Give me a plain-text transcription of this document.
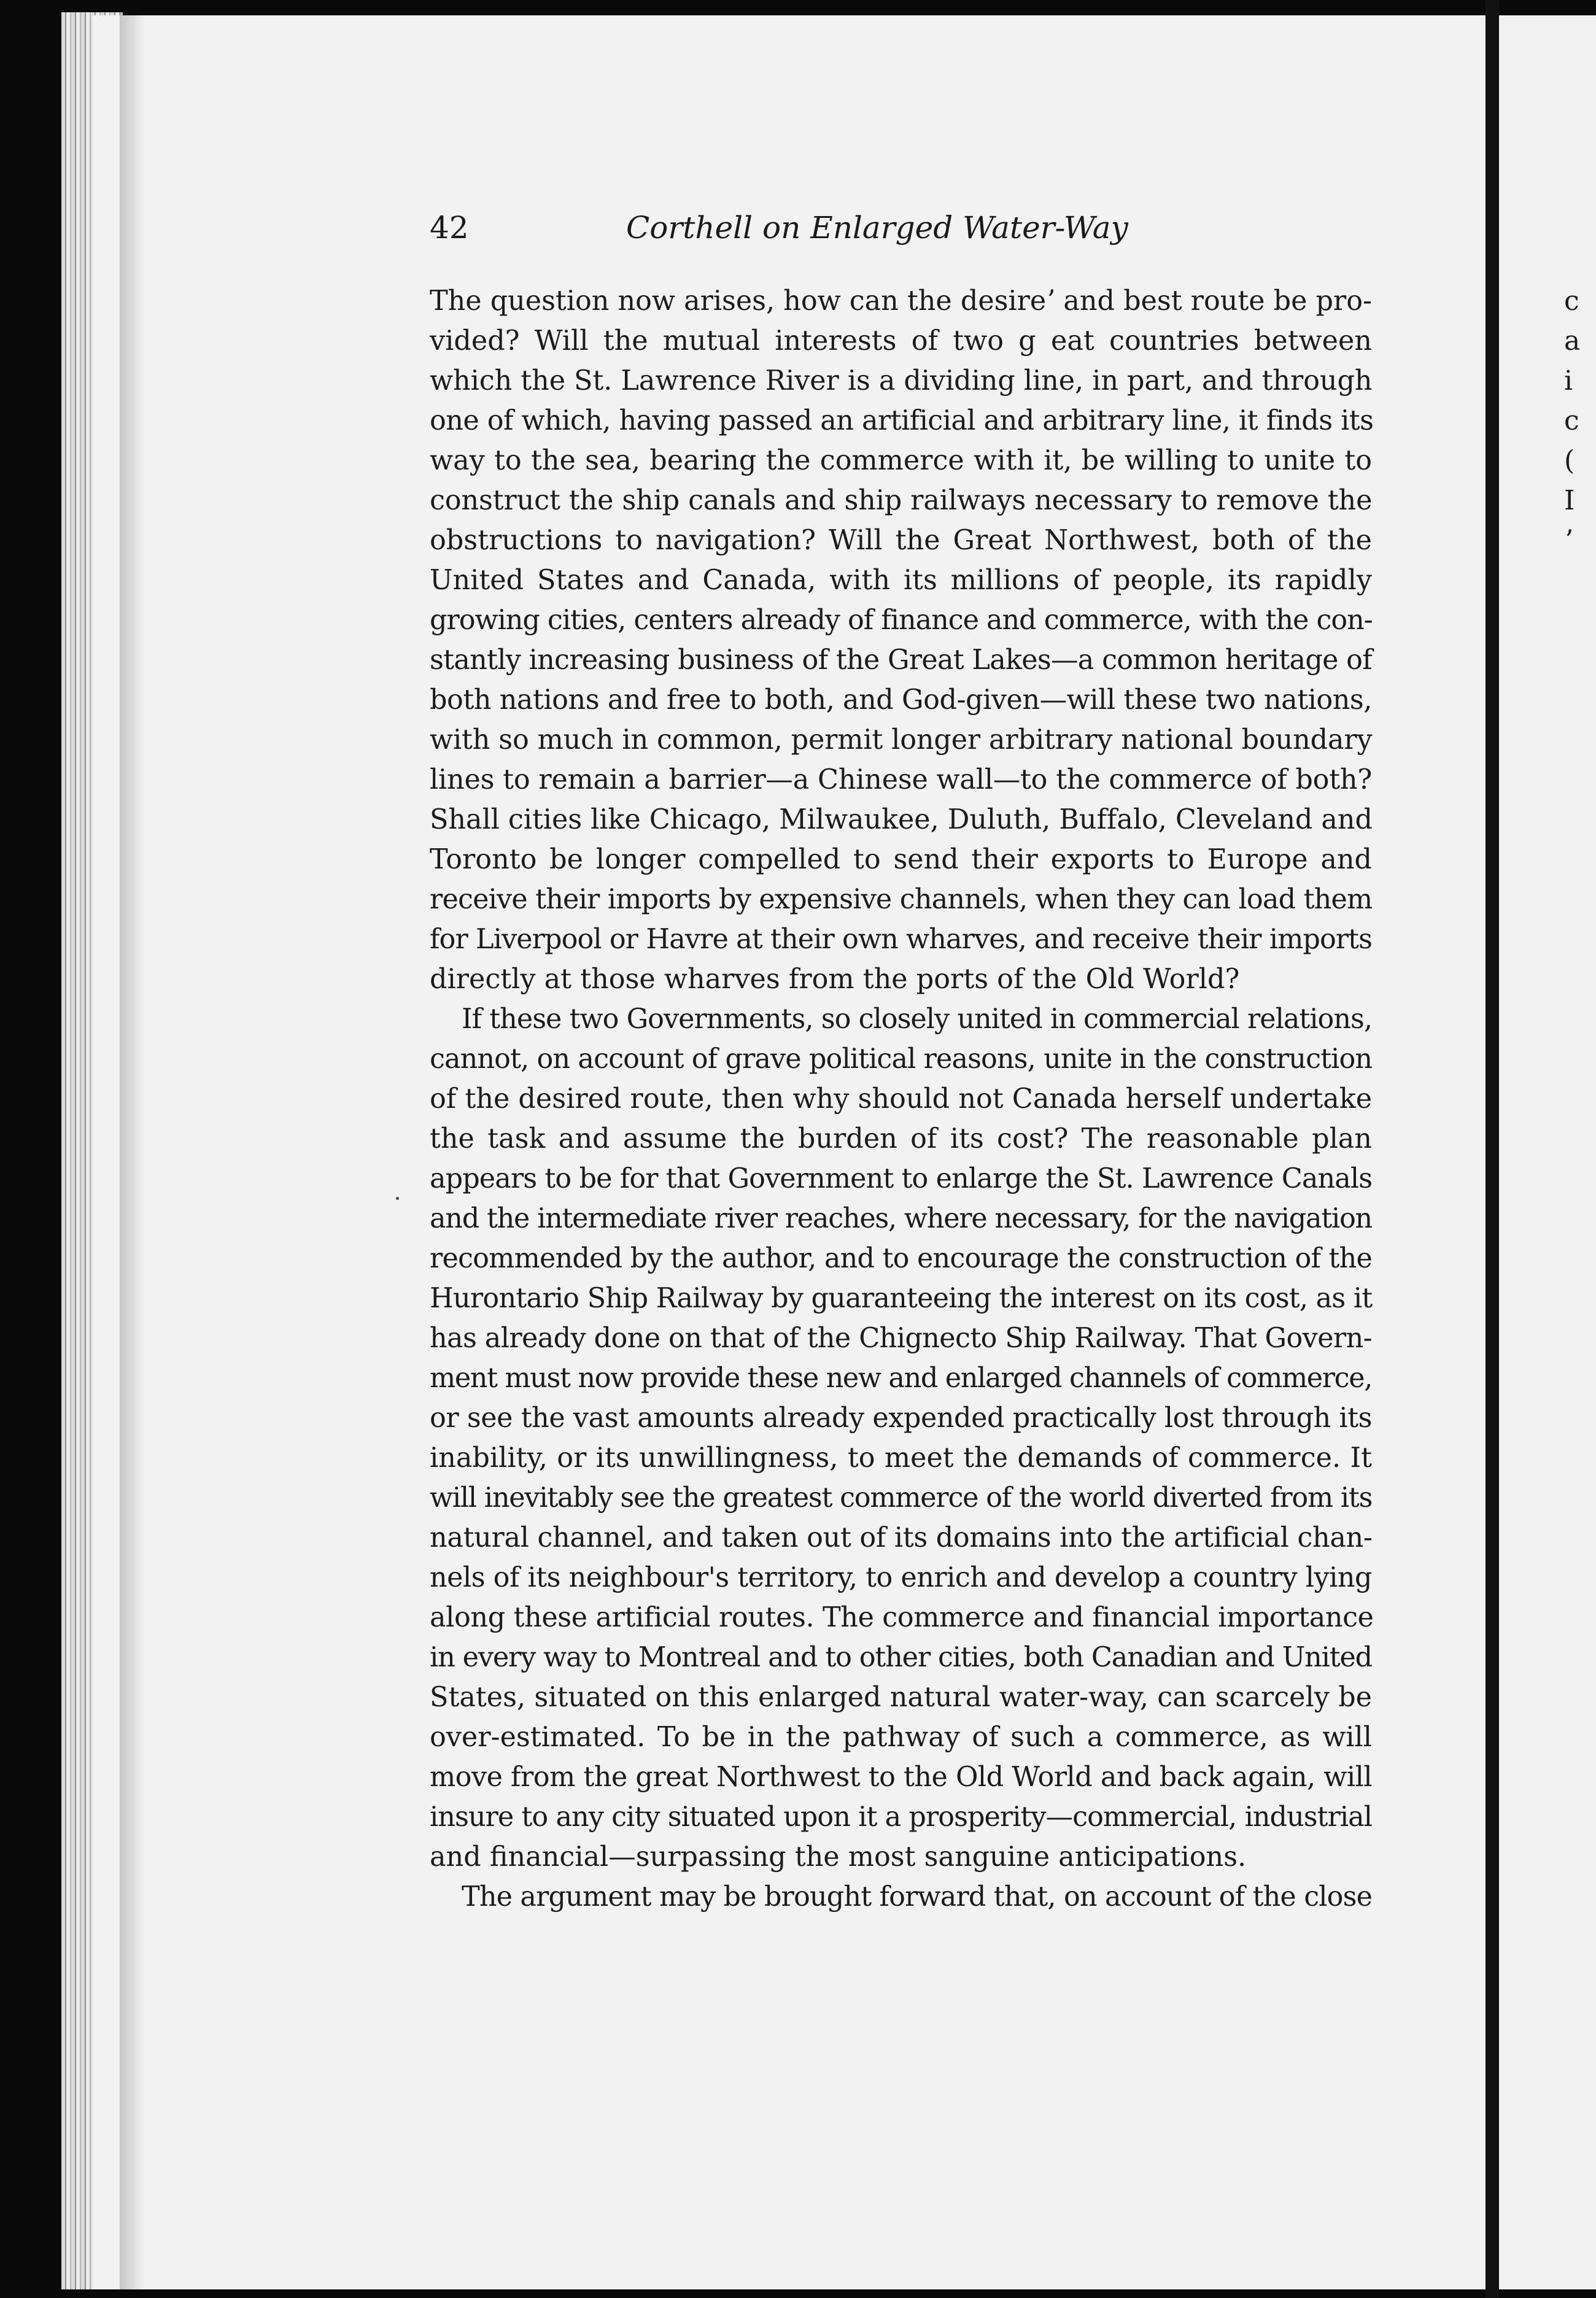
42	Corthell on Enlarged Water-Way
The question now arises, how can the desireʼ and best route be pro-
vided? Will the mutual interests of two g eat countries between
which the St. Lawrence River is a dividing line, in part, and through
one of which, having passed an artificial and arbitrary line, it finds its
way to the sea, bearing the commerce with it, be willing to unite to
construct the ship canals and ship railways necessary to remove the
obstructions to navigation? Will the Great Northwest, both of the
United States and Canada, with its millions of people, its rapidly
growing cities, centers already of finance and commerce, with the con-
stantly increasing business of the Great Lakes—a common heritage of
both nations and free to both, and God-given—will these two nations,
with so much in common, permit longer arbitrary national boundary
lines to remain a barrier—a Chinese wall—to the commerce of both?
Shall cities like Chicago, Milwaukee, Duluth, Buffalo, Cleveland and
Toronto be longer compelled to send their exports to Europe and
receive their imports by expensive channels, when they can load them
for Liverpool or Havre at their own wharves, and receive their imports
directly at those wharves from the ports of the Old World?
If these two Governments, so closely united in commercial relations,
cannot, on account of grave political reasons, unite in the construction
of the desired route, then why should not Canada herself undertake
the task and assume the burden of its cost? The reasonable plan
appears to be for that Government to enlarge the St. Lawrence Canals
and the intermediate river reaches, where necessary, for the navigation
recommended by the author, and to encourage the construction of the
Hurontario Ship Railway by guaranteeing the interest on its cost, as it
has already done on that of the Chignecto Ship Railway. That Govern-
ment must now provide these new and enlarged channels of commerce,
or see the vast amounts already expended practically lost through its
inability, or its unwillingness, to meet the demands of commerce. It
will inevitably see the greatest commerce of the world diverted from its
natural channel, and taken out of its domains into the artificial chan-
nels of its neighbour's territory, to enrich and develop a country lying
along these artificial routes. The commerce and financial importance
in every way to Montreal and to other cities, both Canadian and United
States, situated on this enlarged natural water-way, can scarcely be
over-estimated. To be in the pathway of such a commerce, as will
move from the great Northwest to the Old World and back again, will
insure to any city situated upon it a prosperity—commercial, industrial
and financial—surpassing the most sanguine anticipations.
The argument may be brought forward that, on account of the close
c
a
i
c
(
I
ʼ
